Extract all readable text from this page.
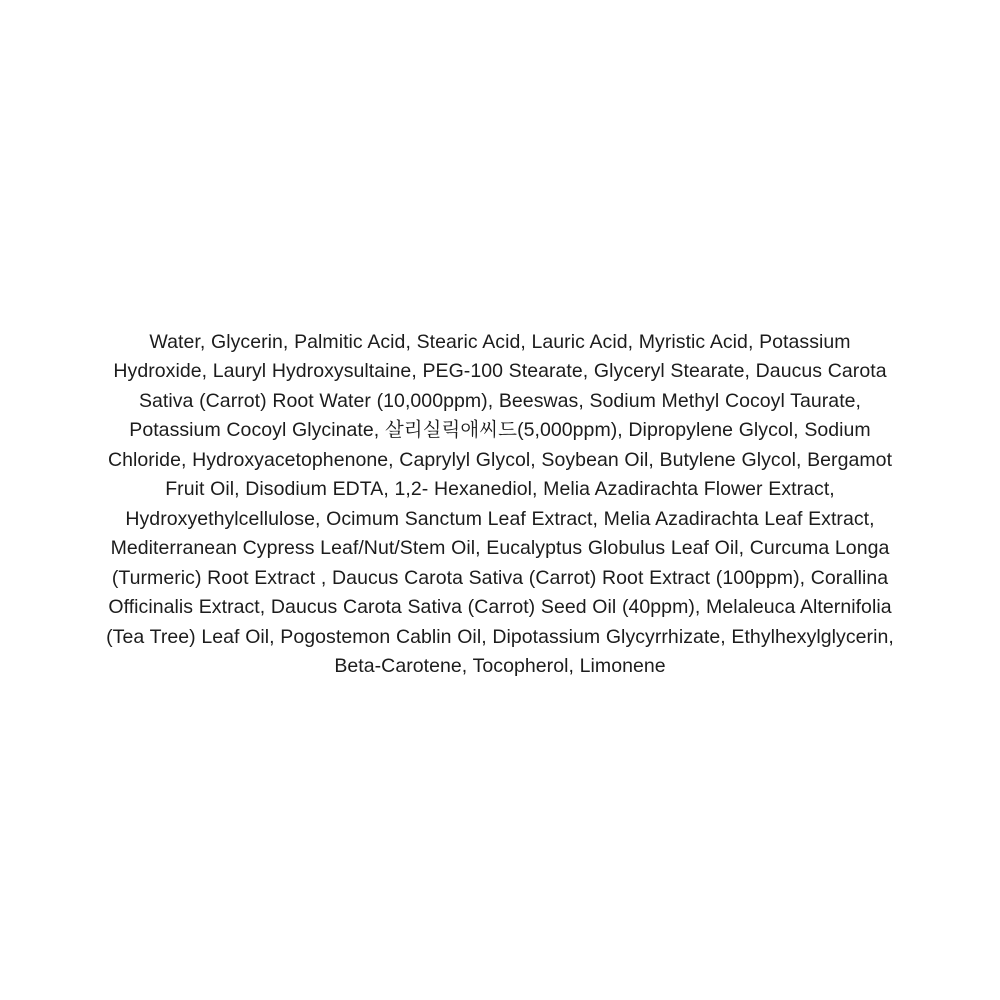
Water, Glycerin, Palmitic Acid, Stearic Acid, Lauric Acid, Myristic Acid, Potassium Hydroxide, Lauryl Hydroxysultaine, PEG-100 Stearate, Glyceryl Stearate, Daucus Carota Sativa (Carrot) Root Water (10,000ppm), Beeswas, Sodium Methyl Cocoyl Taurate, Potassium Cocoyl Glycinate, 살리실릭애씨드(5,000ppm), Dipropylene Glycol, Sodium Chloride, Hydroxyacetophenone, Caprylyl Glycol, Soybean Oil, Butylene Glycol, Bergamot Fruit Oil, Disodium EDTA, 1,2- Hexanediol, Melia Azadirachta Flower Extract, Hydroxyethylcellulose, Ocimum Sanctum Leaf Extract, Melia Azadirachta Leaf Extract, Mediterranean Cypress Leaf/Nut/Stem Oil, Eucalyptus Globulus Leaf Oil, Curcuma Longa (Turmeric) Root Extract , Daucus Carota Sativa (Carrot) Root Extract (100ppm), Corallina Officinalis Extract, Daucus Carota Sativa (Carrot) Seed Oil (40ppm), Melaleuca Alternifolia (Tea Tree) Leaf Oil, Pogostemon Cablin Oil, Dipotassium Glycyrrhizate, Ethylhexylglycerin, Beta-Carotene, Tocopherol, Limonene
